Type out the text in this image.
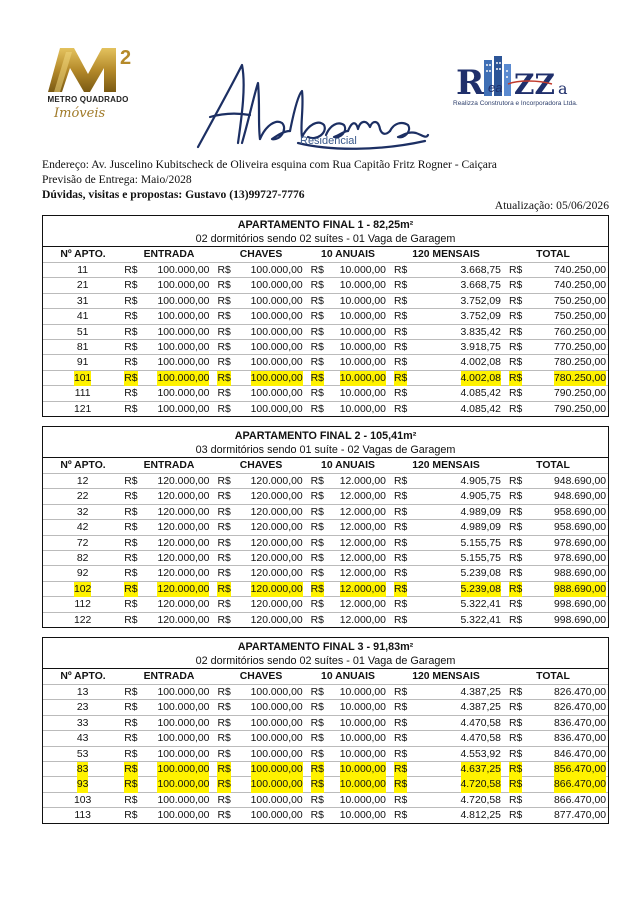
2
METRO QUADRADO
Imóveis
Residencial
R ea ZZ a
Realizza Construtora e Incorporadora Ltda.
Endereço: Av. Juscelino Kubitscheck de Oliveira esquina com Rua Capitão Fritz Rogner - Caiçara
Previsão de Entrega: Maio/2028
Dúvidas, visitas e propostas: Gustavo (13)99727-7776
Atualização: 05/06/2026
APARTAMENTO FINAL 1 - 82,25m²
02 dormitórios sendo 02 suítes - 01 Vaga de Garagem
Nº APTO.	ENTRADA	CHAVES	10 ANUAIS	120 MENSAIS	TOTAL
11	R$	100.000,00 R$	100.000,00 R$	10.000,00 R$	3.668,75 R$	740.250,00
21	R$	100.000,00 R$	100.000,00 R$	10.000,00 R$	3.668,75 R$	740.250,00
31	R$	100.000,00 R$	100.000,00 R$	10.000,00 R$	3.752,09 R$	750.250,00
41	R$	100.000,00 R$	100.000,00 R$	10.000,00 R$	3.752,09 R$	750.250,00
51	R$	100.000,00 R$	100.000,00 R$	10.000,00 R$	3.835,42 R$	760.250,00
81	R$	100.000,00 R$	100.000,00 R$	10.000,00 R$	3.918,75 R$	770.250,00
91	R$	100.000,00 R$	100.000,00 R$	10.000,00 R$	4.002,08 R$	780.250,00
101	R$	100.000,00 R$	100.000,00 R$	10.000,00 R$	4.002,08 R$	780.250,00
111	R$	100.000,00 R$	100.000,00 R$	10.000,00 R$	4.085,42 R$	790.250,00
121	R$	100.000,00 R$	100.000,00 R$	10.000,00 R$	4.085,42 R$	790.250,00
APARTAMENTO FINAL 2 - 105,41m²
03 dormitórios sendo 01 suíte - 02 Vagas de Garagem
Nº APTO.	ENTRADA	CHAVES	10 ANUAIS	120 MENSAIS	TOTAL
12	R$	120.000,00 R$	120.000,00 R$	12.000,00 R$	4.905,75 R$	948.690,00
22	R$	120.000,00 R$	120.000,00 R$	12.000,00 R$	4.905,75 R$	948.690,00
32	R$	120.000,00 R$	120.000,00 R$	12.000,00 R$	4.989,09 R$	958.690,00
42	R$	120.000,00 R$	120.000,00 R$	12.000,00 R$	4.989,09 R$	958.690,00
72	R$	120.000,00 R$	120.000,00 R$	12.000,00 R$	5.155,75 R$	978.690,00
82	R$	120.000,00 R$	120.000,00 R$	12.000,00 R$	5.155,75 R$	978.690,00
92	R$	120.000,00 R$	120.000,00 R$	12.000,00 R$	5.239,08 R$	988.690,00
102	R$	120.000,00 R$	120.000,00 R$	12.000,00 R$	5.239,08 R$	988.690,00
112	R$	120.000,00 R$	120.000,00 R$	12.000,00 R$	5.322,41 R$	998.690,00
122	R$	120.000,00 R$	120.000,00 R$	12.000,00 R$	5.322,41 R$	998.690,00
APARTAMENTO FINAL 3 - 91,83m²
02 dormitórios sendo 02 suítes - 01 Vaga de Garagem
Nº APTO.	ENTRADA	CHAVES	10 ANUAIS	120 MENSAIS	TOTAL
13	R$	100.000,00 R$	100.000,00 R$	10.000,00 R$	4.387,25 R$	826.470,00
23	R$	100.000,00 R$	100.000,00 R$	10.000,00 R$	4.387,25 R$	826.470,00
33	R$	100.000,00 R$	100.000,00 R$	10.000,00 R$	4.470,58 R$	836.470,00
43	R$	100.000,00 R$	100.000,00 R$	10.000,00 R$	4.470,58 R$	836.470,00
53	R$	100.000,00 R$	100.000,00 R$	10.000,00 R$	4.553,92 R$	846.470,00
83	R$	100.000,00 R$	100.000,00 R$	10.000,00 R$	4.637,25 R$	856.470,00
93	R$	100.000,00 R$	100.000,00 R$	10.000,00 R$	4.720,58 R$	866.470,00
103	R$	100.000,00 R$	100.000,00 R$	10.000,00 R$	4.720,58 R$	866.470,00
113	R$	100.000,00 R$	100.000,00 R$	10.000,00 R$	4.812,25 R$	877.470,00
